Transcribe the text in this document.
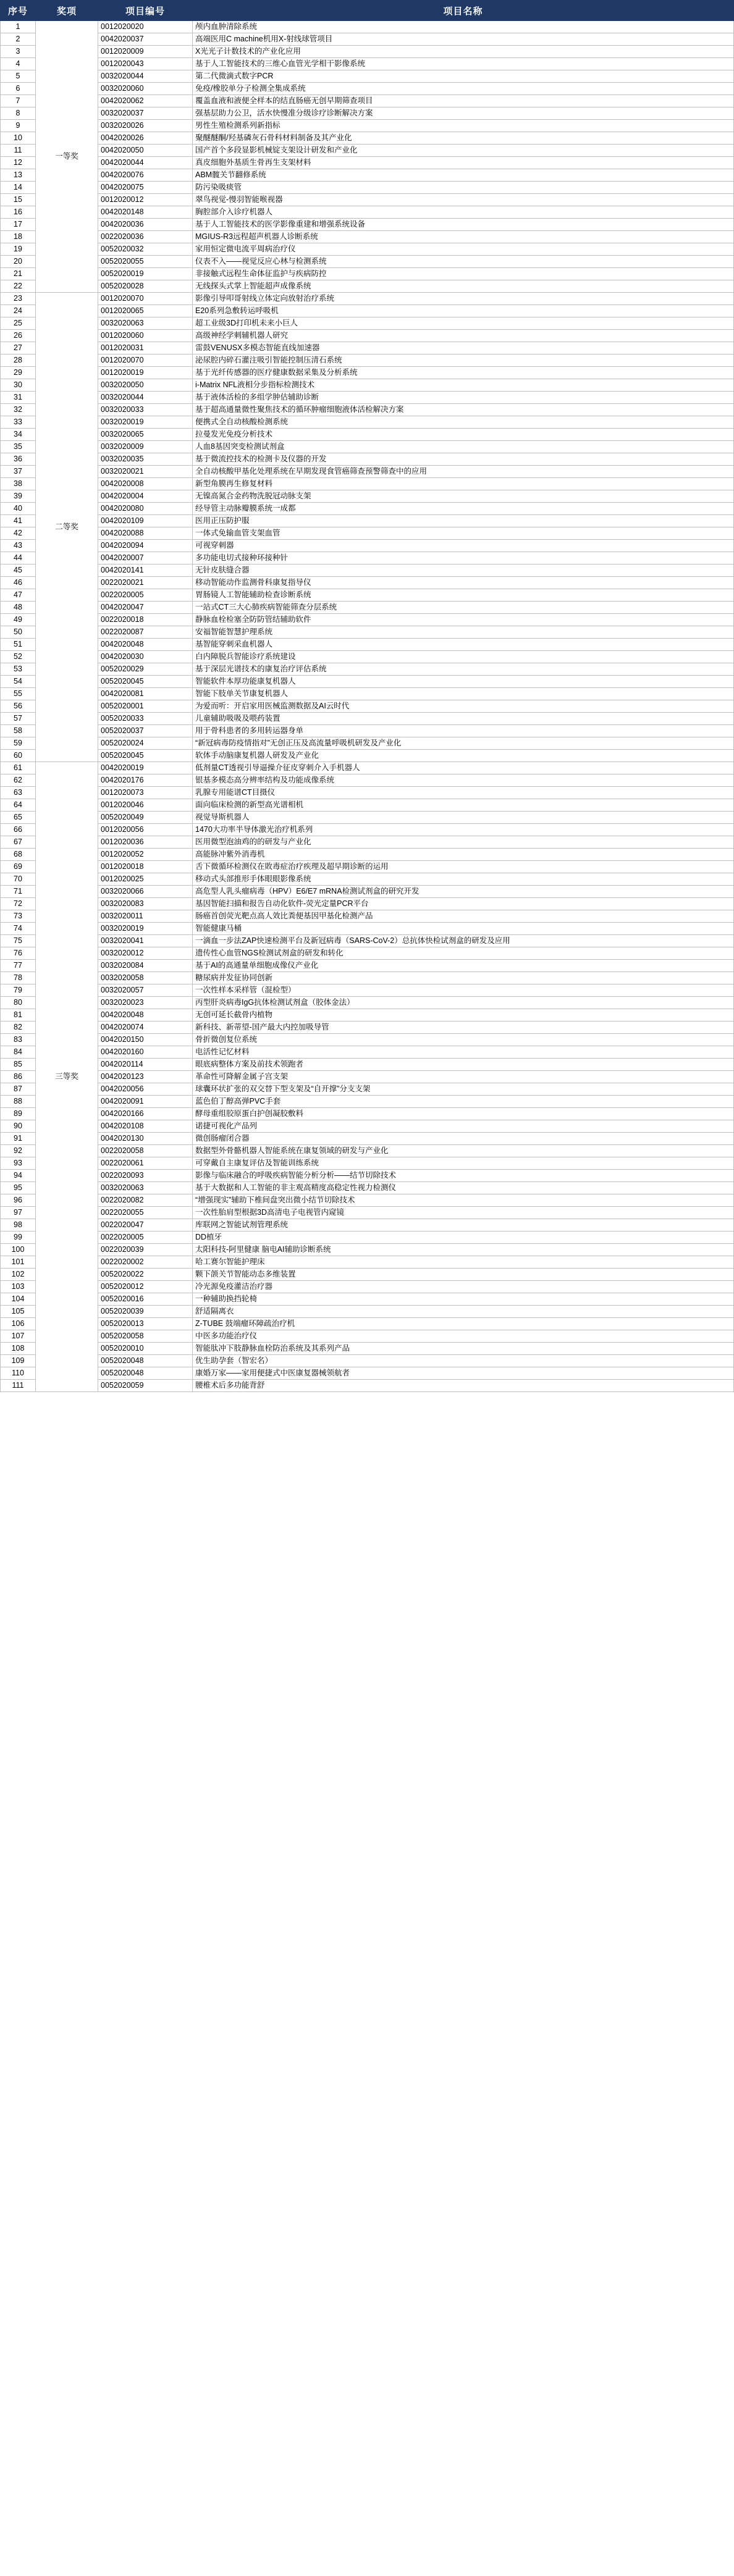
序号	奖项	项目编号	项目名称
1	一等奖	0012020020	颅内血肿清除系统
2		0042020037	高端医用C machine机用X-射线球管项目
3		0012020009	X光光子计数技术的产业化应用
4		0012020043	基于人工智能技术的三维心血管光学相干影像系统
5		0032020044	第二代微滴式数字PCR
6		0032020060	免疫/橡胶单分子检测全集成系统
7		0042020062	覆盖血液和液便全样本的结直肠癌无创早期筛查项目
8		0032020037	强基层助力公卫，活水快慢准分级诊疗诊断解决方案
9		0032020026	男性生殖检测系列新指标
10		0042020026	聚醚醚酮/羟基磷灰石骨科材料制备及其产业化
11		0042020050	国产首个多段显影机械锭支架设计研发和产业化
12		0042020044	真皮细胞外基质生骨再生支架材料
13		0042020076	ABM髋关节翻修系统
14		0042020075	防污染吸痰管
15		0012020012	翠鸟视觉-慢羽智能喉视器
16		0042020148	胸腔部介入诊疗机器人
17		0042020036	基于人工智能技术的医学影像重建和增强系统设备
18		0022020036	MGIUS-R3远程超声机器人诊断系统
19		0052020032	家用恒定微电流平周病治疗仪
20		0052020055	仪表不入——视觉反应心林与检测系统
21		0052020019	非接触式远程生命体征监护与疾病防控
22		0052020028	无线探头式掌上智能超声成像系统
23	二等奖	0012020070	影像引导叩哥射线立体定向放射治疗系统
24		0012020065	E20系列急敷转运呼吸机
25		0032020063	超工业级3D打印机未来小巨人
26		0012020060	高级神经学刺辅机器人研究
27		0012020031	雷鼓VENUSX多模态智能直线加速器
28		0012020070	泌尿腔内碎石灌注吸引智能控制压清石系统
29		0012020019	基于光纤传感器的医疗健康数据采集及分析系统
30		0032020050	i-Matrix NFL液相分步指标检测技术
31		0032020044	基于液体活检的多组学肿估辅助诊断
32		0032020033	基于超高通量微性聚焦技术的循环肿瘤细胞液体活检解决方案
33		0032020019	便携式全自动核酸检测系统
34		0032020065	拉曼发光免疫分析技术
35		0032020009	人血8基因突变检测试剂盒
36		0032020035	基于微流控技术的检测卡及仪器的开发
37		0032020021	全自动核酸甲基化处理系统在早期发现食管癌筛查预警筛查中的应用
38		0042020008	新型角膜再生修复材料
39		0042020004	无镍高氮合金药物洗脱冠动脉支架
40		0042020080	经导管主动脉瓣膜系统一成都
41		0042020109	医用正压防护服
42		0042020088	一体式免输血管支架血管
43		0042020094	可视穿刺器
44		0042020007	多功能电切式接种环接种针
45		0042020141	无针皮肤缝合器
46		0022020021	移动智能动作监测骨科康复指导仪
47		0022020005	胃肠镜人工智能辅助检查诊断系统
48		0042020047	一站式CT三大心肺疾病智能筛查分层系统
49		0022020018	静脉血栓检塞全防防管结辅助软件
50		0022020087	安福智能智慧护理系统
51		0042020048	基智能穿刺采血机器人
52		0042020030	白内障脱兵智能诊疗系统建设
53		0052020029	基于深层光谱技术的康复治疗评估系统
54		0052020045	智能软件本厚功能康复机器人
55		0042020081	智能下肢单关节康复机器人
56		0052020001	为爱而听：开启家用医械监测数据及AI云时代
57		0052020033	儿童辅助吸吸及喂药装置
58		0052020037	用于骨科患者的多用转运器身单
59		0052020024	“新冠病毒防疫情指对”无创正压及高流量呼吸机研发及产业化
60		0052020045	软体手动脑康复机器人研发及产业化
61	三等奖	0042020019	低剂量CT透视引导逼操介征皮穿刺介入手机器人
62		0042020176	银基多模态高分辨率结构及功能成像系统
63		0012020073	乳腺专用能谱CT目摄仪
64		0012020046	面向临床检测的新型高光谱相机
65		0052020049	视觉导斯机器人
66		0012020056	1470大功率半导体激光治疗机系列
67		0012020036	医用微型泡油鸡的的研发与产业化
68		0012020052	高能脉冲紫外消毒机
69		0012020018	舌下微循环检测仪在敗毒症治疗疾理及超早期诊断的运用
70		0012020025	移动式头部推形手体眼眼影像系统
71		0032020066	高危型人乳头瘤病毒（HPV）E6/E7 mRNA检测试剂盒的研究开发
72		0032020083	基因智能扫描和报告自动化软件-荧光定量PCR平台
73		0032020011	肠癌首创荧光靶点高人效比粪便基因甲基化检测产品
74		0032020019	智能健康马桶
75		0032020041	一滴血一步法ZAP快速检测平台及新冠病毒（SARS-CoV-2）总抗体快检试剂盒的研发及应用
76		0032020012	遗传性心血管NGS检测试剂盒的研发和转化
77		0032020084	基于AI的高通量单细胞成像仪产业化
78		0032020058	糖尿病并发征协同创新
79		0032020057	一次性样本采样管（混检型）
80		0032020023	丙型肝炎病毒IgG抗体检测试剂盒（胶体金法）
81		0042020048	无创可延长截骨内植物
82		0042020074	新科技、新蒂望-国产最大内控加吸导管
83		0042020150	骨折微创复位系统
84		0042020160	电活性记忆材料
85		0042020114	眼底病整体方案及前技术领跑者
86		0042020123	革命性可降解金属子宫支架
87		0042020056	球囊环状扩张的双交替下型支架及“自开撑”分支支架
88		0042020091	蓝色伯丁醇高弹PVC手套
89		0042020166	酵母重组胶原蛋白护创凝胶敷料
90		0042020108	诺捷可视化产品列
91		0042020130	微创肠瘤闭合器
92		0022020058	数据型外骨骼机器人智能系统在康复领域的研发与产业化
93		0022020061	可穿戴自主康复评估及智能训练系统
94		0022020093	影像与临床融合的呼吸疾病智能分析分析——结节切除技术
95		0032020063	基于大数据和人工智能的非主观高精度高稳定性视力检测仪
96		0022020082	“增强现实”辅助下椎间盘突出微小结节切除技术
97		0022020055	一次性胎肩型根据3D高清电子电视管内窥镜
98		0022020047	库联网之智能试剂管理系统
99		0022020005	DD植牙
100		0022020039	太阳科技-阿里健康 脑电AI辅助诊断系统
101		0022020002	哈工赛尔智能护理床
102		0052020022	颗下颌关节智能动态多维装置
103		0052020012	冷光源免疫灌洁治疗器
104		0052020016	一种辅助换挡轮椅
105		0052020039	舒适隔离衣
106		0052020013	Z-TUBE 鼓端瘤环障疏治疗机
107		0052020058	中医多功能治疗仪
108		0052020010	智能肽冲下肢静脉血栓防治系统及其系列产品
109		0052020048	优生助孕套（智宏名）
110		0052020048	康婚万家——家用便捷式中医康复器械领航者
111		0052020059	腰椎术后多功能背舒
